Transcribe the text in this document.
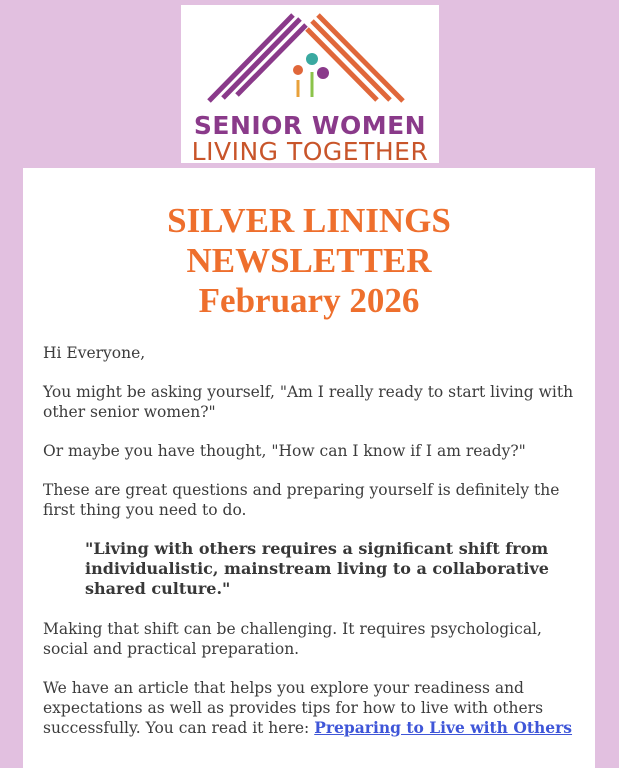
SENIOR WOMEN
LIVING TOGETHER
SILVER LININGS
NEWSLETTER
February 2026

Hi Everyone,

You might be asking yourself, "Am I really ready to start living with other senior women?"

Or maybe you have thought, "How can I know if I am ready?"

These are great questions and preparing yourself is definitely the first thing you need to do.

"Living with others requires a significant shift from individualistic, mainstream living to a collaborative shared culture."

Making that shift can be challenging. It requires psychological, social and practical preparation.

We have an article that helps you explore your readiness and expectations as well as provides tips for how to live with others successfully. You can read it here: Preparing to Live with Others
